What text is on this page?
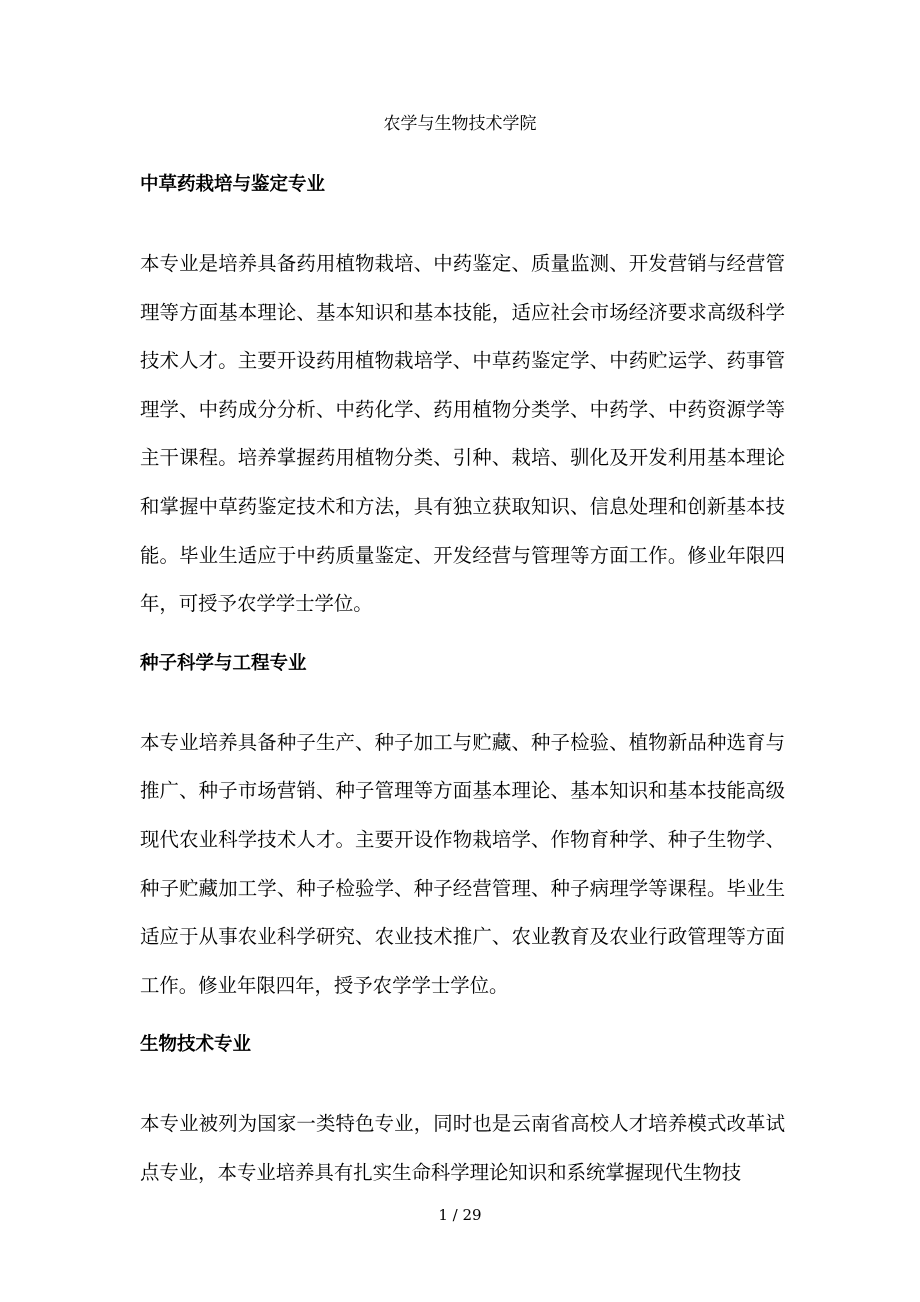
农学与生物技术学院
中草药栽培与鉴定专业

本专业是培养具备药用植物栽培、中药鉴定、质量监测、开发营销与经营管理等方面基本理论、基本知识和基本技能，适应社会市场经济要求高级科学技术人才。主要开设药用植物栽培学、中草药鉴定学、中药贮运学、药事管理学、中药成分分析、中药化学、药用植物分类学、中药学、中药资源学等主干课程。培养掌握药用植物分类、引种、栽培、驯化及开发利用基本理论和掌握中草药鉴定技术和方法，具有独立获取知识、信息处理和创新基本技能。毕业生适应于中药质量鉴定、开发经营与管理等方面工作。修业年限四年，可授予农学学士学位。

种子科学与工程专业

本专业培养具备种子生产、种子加工与贮藏、种子检验、植物新品种选育与推广、种子市场营销、种子管理等方面基本理论、基本知识和基本技能高级现代农业科学技术人才。主要开设作物栽培学、作物育种学、种子生物学、种子贮藏加工学、种子检验学、种子经营管理、种子病理学等课程。毕业生适应于从事农业科学研究、农业技术推广、农业教育及农业行政管理等方面工作。修业年限四年，授予农学学士学位。

生物技术专业

本专业被列为国家一类特色专业，同时也是云南省高校人才培养模式改革试点专业，本专业培养具有扎实生命科学理论知识和系统掌握现代生物技

1 / 29
